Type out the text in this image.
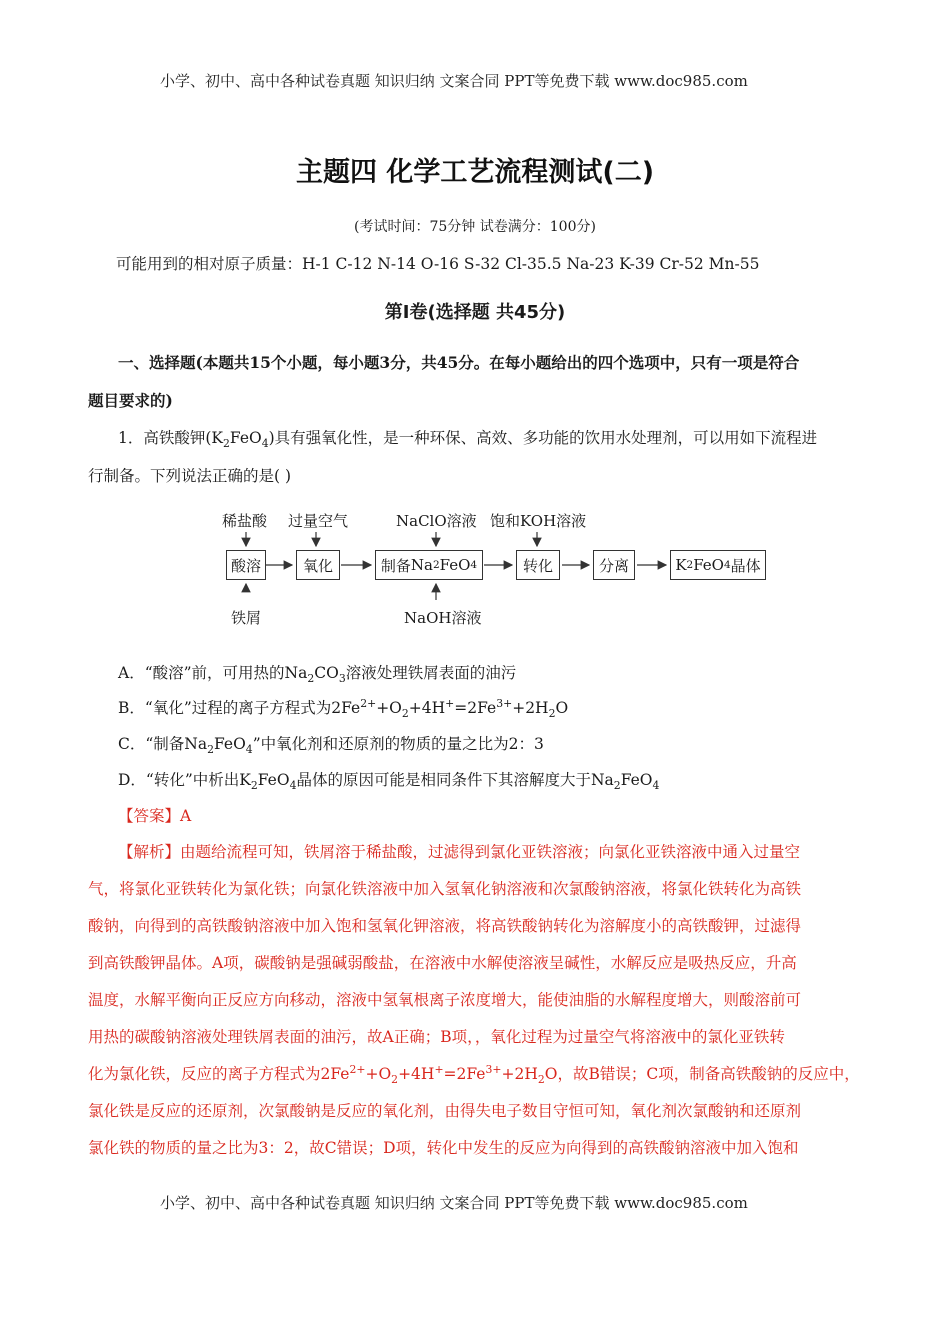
小学、初中、高中各种试卷真题 知识归纳 文案合同 PPT等免费下载 www.doc985.com
主题四 化学工艺流程测试(二)
(考试时间：75分钟 试卷满分：100分)
可能用到的相对原子质量：H-1 C-12 N-14 O-16 S-32 Cl-35.5 Na-23 K-39 Cr-52 Mn-55
第Ⅰ卷(选择题 共45分)
一、选择题(本题共15个小题，每小题3分，共45分。在每小题给出的四个选项中，只有一项是符合
题目要求的)
1．高铁酸钾$(K_2FeO_4)$具有强氧化性，是一种环保、高效、多功能的饮用水处理剂，可以用如下流程进
行制备。下列说法正确的是( )
稀盐酸 过量空气	NaClO溶液 饱和KOH溶液
酸溶	氧化	制备 Na 2 FeO 4	转化	分离	K 2 FeO 4 晶体
铁屑	NaOH溶液
A．“酸溶”前，可用热的$Na_2CO_3$溶液处理铁屑表面的油污
B．“氧化”过程的离子方程式为$2Fe^{2+}+O_2+4H^+=2Fe^{3+}+2H_2O$
C．“制备$Na_2FeO_4$”中氧化剂和还原剂的物质的量之比为2：3
D．“转化”中析出$K_2FeO_4$晶体的原因可能是相同条件下其溶解度大于$Na_2FeO_4$
【答案】A
【解析】由题给流程可知，铁屑溶于稀盐酸，过滤得到氯化亚铁溶液；向氯化亚铁溶液中通入过量空
气，将氯化亚铁转化为氯化铁；向氯化铁溶液中加入氢氧化钠溶液和次氯酸钠溶液，将氯化铁转化为高铁
酸钠，向得到的高铁酸钠溶液中加入饱和氢氧化钾溶液，将高铁酸钠转化为溶解度小的高铁酸钾，过滤得
到高铁酸钾晶体。A项，碳酸钠是强碱弱酸盐，在溶液中水解使溶液呈碱性，水解反应是吸热反应，升高
温度，水解平衡向正反应方向移动，溶液中氢氧根离子浓度增大，能使油脂的水解程度增大，则酸溶前可
用热的碳酸钠溶液处理铁屑表面的油污，故A正确；B项，，氧化过程为过量空气将溶液中的氯化亚铁转
化为氯化铁，反应的离子方程式为$2Fe^{2+}+O_2+4H^+=2Fe^{3+}+2H_2O$，故B错误；C项，制备高铁酸钠的反应中，
氯化铁是反应的还原剂，次氯酸钠是反应的氧化剂，由得失电子数目守恒可知，氧化剂次氯酸钠和还原剂
氯化铁的物质的量之比为3：2，故C错误；D项，转化中发生的反应为向得到的高铁酸钠溶液中加入饱和
小学、初中、高中各种试卷真题 知识归纳 文案合同 PPT等免费下载 www.doc985.com
